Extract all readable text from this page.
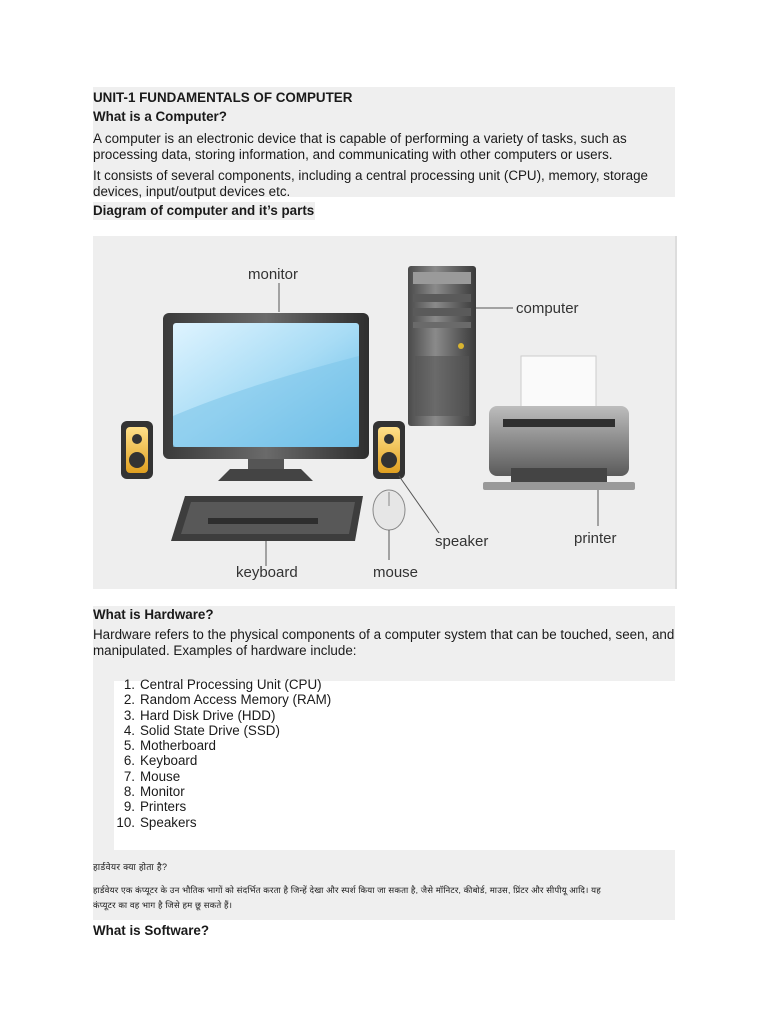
UNIT-1 FUNDAMENTALS OF COMPUTER
What is a Computer?
A computer is an electronic device that is capable of performing a variety of tasks, such as processing data, storing information, and communicating with other computers or users.
It consists of several components, including a central processing unit (CPU), memory, storage devices, input/output devices etc.
Diagram of computer and it’s parts
monitor
computer
speaker	printer
keyboard	mouse
What is Hardware?
Hardware refers to the physical components of a computer system that can be touched, seen, and manipulated. Examples of hardware include:
1. Central Processing Unit (CPU)
2. Random Access Memory (RAM)
3. Hard Disk Drive (HDD)
4. Solid State Drive (SSD)
5. Motherboard
6. Keyboard
7. Mouse
8. Monitor
9. Printers
10. Speakers
हार्डवेयर क्या होता है?
हार्डवेयर एक कंप्यूटर के उन भौतिक भागों को संदर्भित करता है जिन्हें देखा और स्पर्श किया जा सकता है, जैसे मॉनिटर, कीबोर्ड, माउस, प्रिंटर और सीपीयू आदि। यह कंप्यूटर का वह भाग है जिसे हम छू सकते हैं।
What is Software?
